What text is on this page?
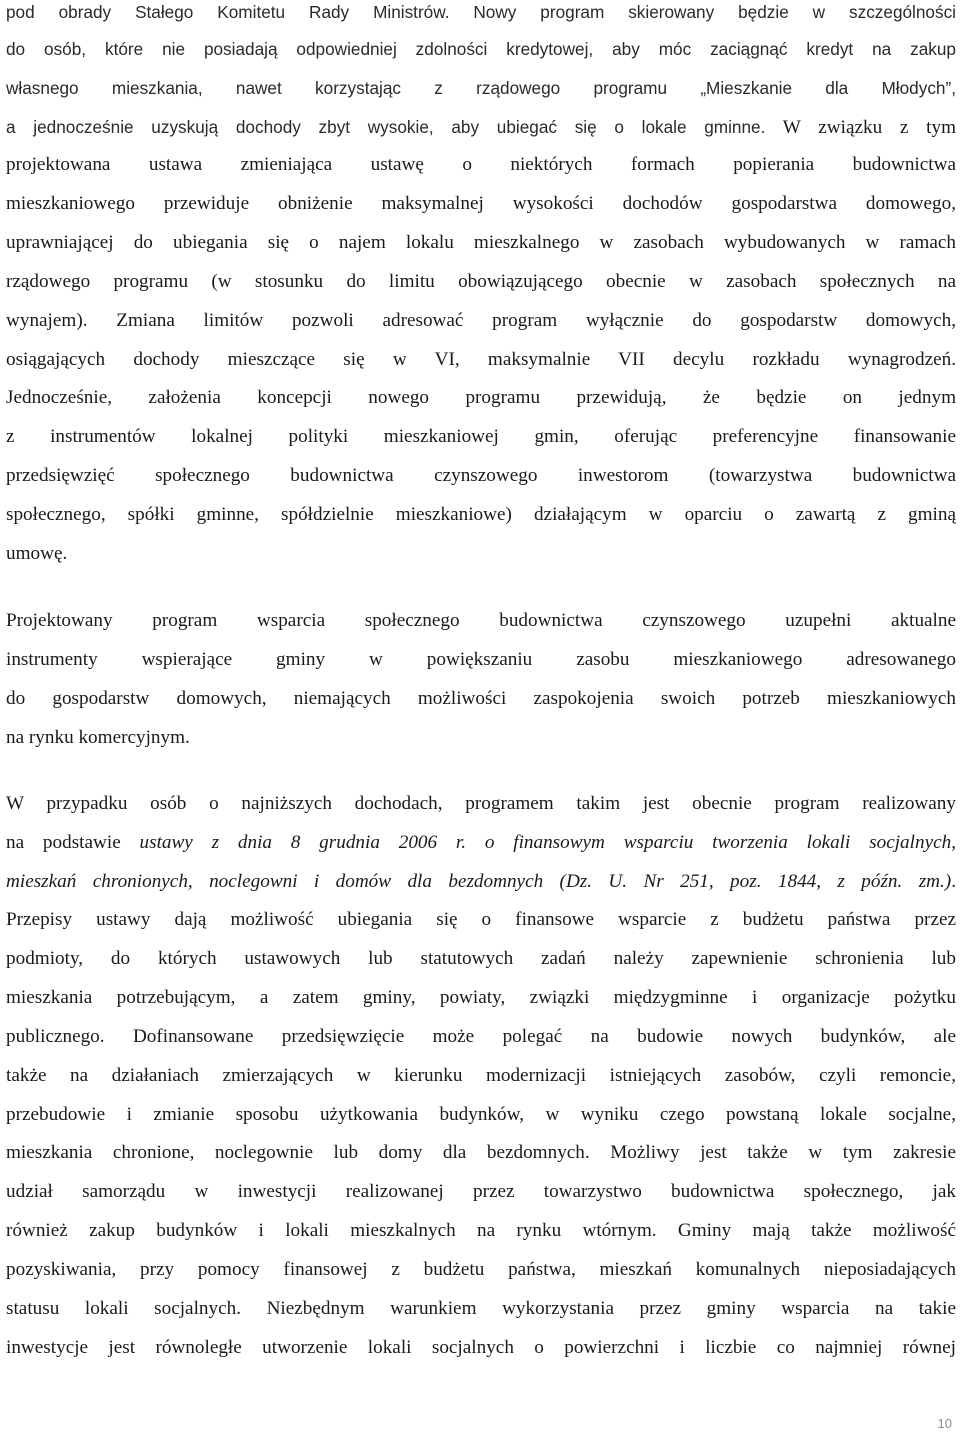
pod obrady Stałego Komitetu Rady Ministrów. Nowy program skierowany będzie w szczególności
do osób, które nie posiadają odpowiedniej zdolności kredytowej, aby móc zaciągnąć kredyt na zakup
własnego mieszkania, nawet korzystając z rządowego programu „Mieszkanie dla Młodych”,
a jednocześnie uzyskują dochody zbyt wysokie, aby ubiegać się o lokale gminne. W związku z tym
projektowana ustawa zmieniająca ustawę o niektórych formach popierania budownictwa
mieszkaniowego przewiduje obniżenie maksymalnej wysokości dochodów gospodarstwa domowego,
uprawniającej do ubiegania się o najem lokalu mieszkalnego w zasobach wybudowanych w ramach
rządowego programu (w stosunku do limitu obowiązującego obecnie w zasobach społecznych na
wynajem). Zmiana limitów pozwoli adresować program wyłącznie do gospodarstw domowych,
osiągających dochody mieszczące się w VI, maksymalnie VII decylu rozkładu wynagrodzeń.
Jednocześnie, założenia koncepcji nowego programu przewidują, że będzie on jednym
z instrumentów lokalnej polityki mieszkaniowej gmin, oferując preferencyjne finansowanie
przedsięwzięć społecznego budownictwa czynszowego inwestorom (towarzystwa budownictwa
społecznego, spółki gminne, spółdzielnie mieszkaniowe) działającym w oparciu o zawartą z gminą
umowę.
Projektowany program wsparcia społecznego budownictwa czynszowego uzupełni aktualne
instrumenty wspierające gminy w powiększaniu zasobu mieszkaniowego adresowanego
do gospodarstw domowych, niemających możliwości zaspokojenia swoich potrzeb mieszkaniowych
na rynku komercyjnym.
W przypadku osób o najniższych dochodach, programem takim jest obecnie program realizowany
na podstawie ustawy z dnia 8 grudnia 2006 r. o finansowym wsparciu tworzenia lokali socjalnych,
mieszkań chronionych, noclegowni i domów dla bezdomnych (Dz. U. Nr 251, poz. 1844, z późn. zm.).
Przepisy ustawy dają możliwość ubiegania się o finansowe wsparcie z budżetu państwa przez
podmioty, do których ustawowych lub statutowych zadań należy zapewnienie schronienia lub
mieszkania potrzebującym, a zatem gminy, powiaty, związki międzygminne i organizacje pożytku
publicznego. Dofinansowane przedsięwzięcie może polegać na budowie nowych budynków, ale
także na działaniach zmierzających w kierunku modernizacji istniejących zasobów, czyli remoncie,
przebudowie i zmianie sposobu użytkowania budynków, w wyniku czego powstaną lokale socjalne,
mieszkania chronione, noclegownie lub domy dla bezdomnych. Możliwy jest także w tym zakresie
udział samorządu w inwestycji realizowanej przez towarzystwo budownictwa społecznego, jak
również zakup budynków i lokali mieszkalnych na rynku wtórnym. Gminy mają także możliwość
pozyskiwania, przy pomocy finansowej z budżetu państwa, mieszkań komunalnych nieposiadających
statusu lokali socjalnych. Niezbędnym warunkiem wykorzystania przez gminy wsparcia na takie
inwestycje jest równoległe utworzenie lokali socjalnych o powierzchni i liczbie co najmniej równej
10
